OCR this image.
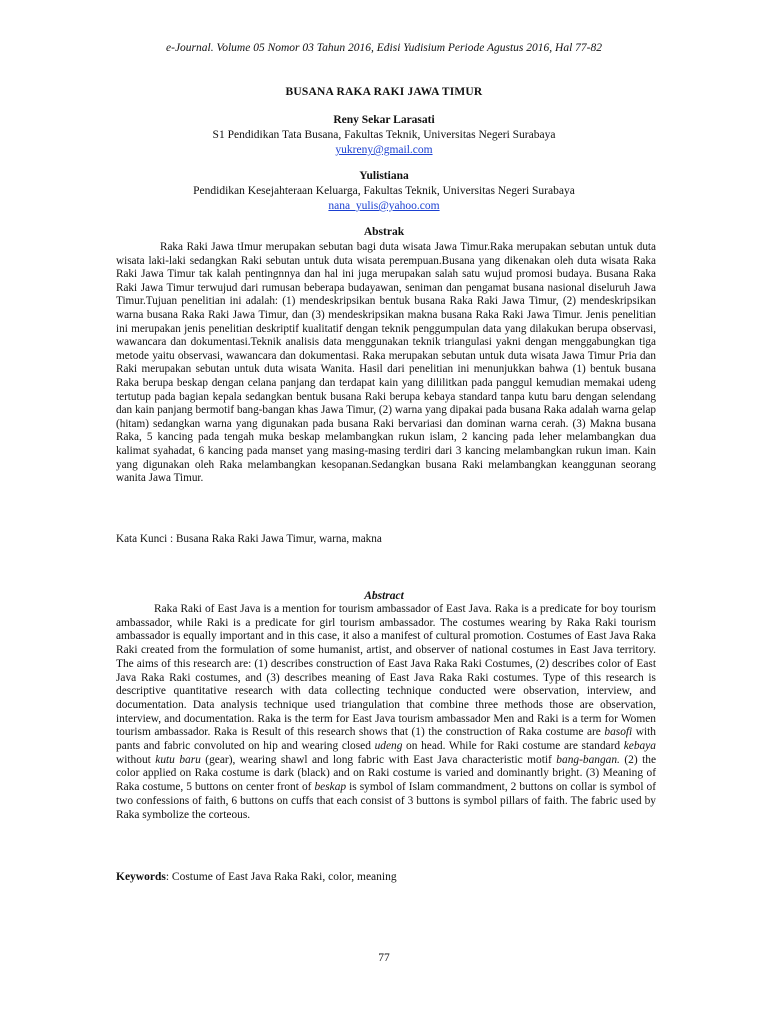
e-Journal. Volume 05 Nomor 03 Tahun 2016, Edisi Yudisium Periode Agustus 2016, Hal 77-82
BUSANA RAKA RAKI JAWA TIMUR
Reny Sekar Larasati
S1 Pendidikan Tata Busana, Fakultas Teknik, Universitas Negeri Surabaya
yukreny@gmail.com
Yulistiana
Pendidikan Kesejahteraan Keluarga, Fakultas Teknik, Universitas Negeri Surabaya
nana_yulis@yahoo.com
Abstrak
Raka Raki Jawa tImur merupakan sebutan bagi duta wisata Jawa Timur.Raka merupakan sebutan untuk duta wisata laki-laki sedangkan Raki sebutan untuk duta wisata perempuan.Busana yang dikenakan oleh duta wisata Raka Raki Jawa Timur tak kalah pentingnnya dan hal ini juga merupakan salah satu wujud promosi budaya. Busana Raka Raki Jawa Timur terwujud dari rumusan beberapa budayawan, seniman dan pengamat busana nasional diseluruh Jawa Timur.Tujuan penelitian ini adalah: (1) mendeskripsikan bentuk busana Raka Raki Jawa Timur, (2) mendeskripsikan warna busana Raka Raki Jawa Timur, dan (3) mendeskripsikan makna busana Raka Raki Jawa Timur. Jenis penelitian ini merupakan jenis penelitian deskriptif kualitatif dengan teknik penggumpulan data yang dilakukan berupa observasi, wawancara dan dokumentasi.Teknik analisis data menggunakan teknik triangulasi yakni dengan menggabungkan tiga metode yaitu observasi, wawancara dan dokumentasi. Raka merupakan sebutan untuk duta wisata Jawa Timur Pria dan Raki merupakan sebutan untuk duta wisata Wanita. Hasil dari penelitian ini menunjukkan bahwa (1) bentuk busana Raka berupa beskap dengan celana panjang dan terdapat kain yang dililitkan pada panggul kemudian memakai udeng tertutup pada bagian kepala sedangkan bentuk busana Raki berupa kebaya standard tanpa kutu baru dengan selendang dan kain panjang bermotif bang-bangan khas Jawa Timur, (2) warna yang dipakai pada busana Raka adalah warna gelap (hitam) sedangkan warna yang digunakan pada busana Raki bervariasi dan dominan warna cerah. (3) Makna busana Raka, 5 kancing pada tengah muka beskap melambangkan rukun islam, 2 kancing pada leher melambangkan dua kalimat syahadat, 6 kancing pada manset yang masing-masing terdiri dari 3 kancing melambangkan rukun iman. Kain yang digunakan oleh Raka melambangkan kesopanan.Sedangkan busana Raki melambangkan keanggunan seorang wanita Jawa Timur.
Kata Kunci : Busana Raka Raki Jawa Timur, warna, makna
Abstract
Raka Raki of East Java is a mention for tourism ambassador of East Java. Raka is a predicate for boy tourism ambassador, while Raki is a predicate for girl tourism ambassador. The costumes wearing by Raka Raki tourism ambassador is equally important and in this case, it also a manifest of cultural promotion. Costumes of East Java Raka Raki created from the formulation of some humanist, artist, and observer of national costumes in East Java territory. The aims of this research are: (1) describes construction of East Java Raka Raki Costumes, (2) describes color of East Java Raka Raki costumes, and (3) describes meaning of East Java Raka Raki costumes. Type of this research is descriptive quantitative research with data collecting technique conducted were observation, interview, and documentation. Data analysis technique used triangulation that combine three methods those are observation, interview, and documentation. Raka is the term for East Java tourism ambassador Men and Raki is a term for Women tourism ambassador. Raka is Result of this research shows that (1) the construction of Raka costume are basofi with pants and fabric convoluted on hip and wearing closed udeng on head. While for Raki costume are standard kebaya without kutu baru (gear), wearing shawl and long fabric with East Java characteristic motif bang-bangan. (2) the color applied on Raka costume is dark (black) and on Raki costume is varied and dominantly bright. (3) Meaning of Raka costume, 5 buttons on center front of beskap is symbol of Islam commandment, 2 buttons on collar is symbol of two confessions of faith, 6 buttons on cuffs that each consist of 3 buttons is symbol pillars of faith. The fabric used by Raka symbolize the corteous.
Keywords: Costume of East Java Raka Raki, color, meaning
77
